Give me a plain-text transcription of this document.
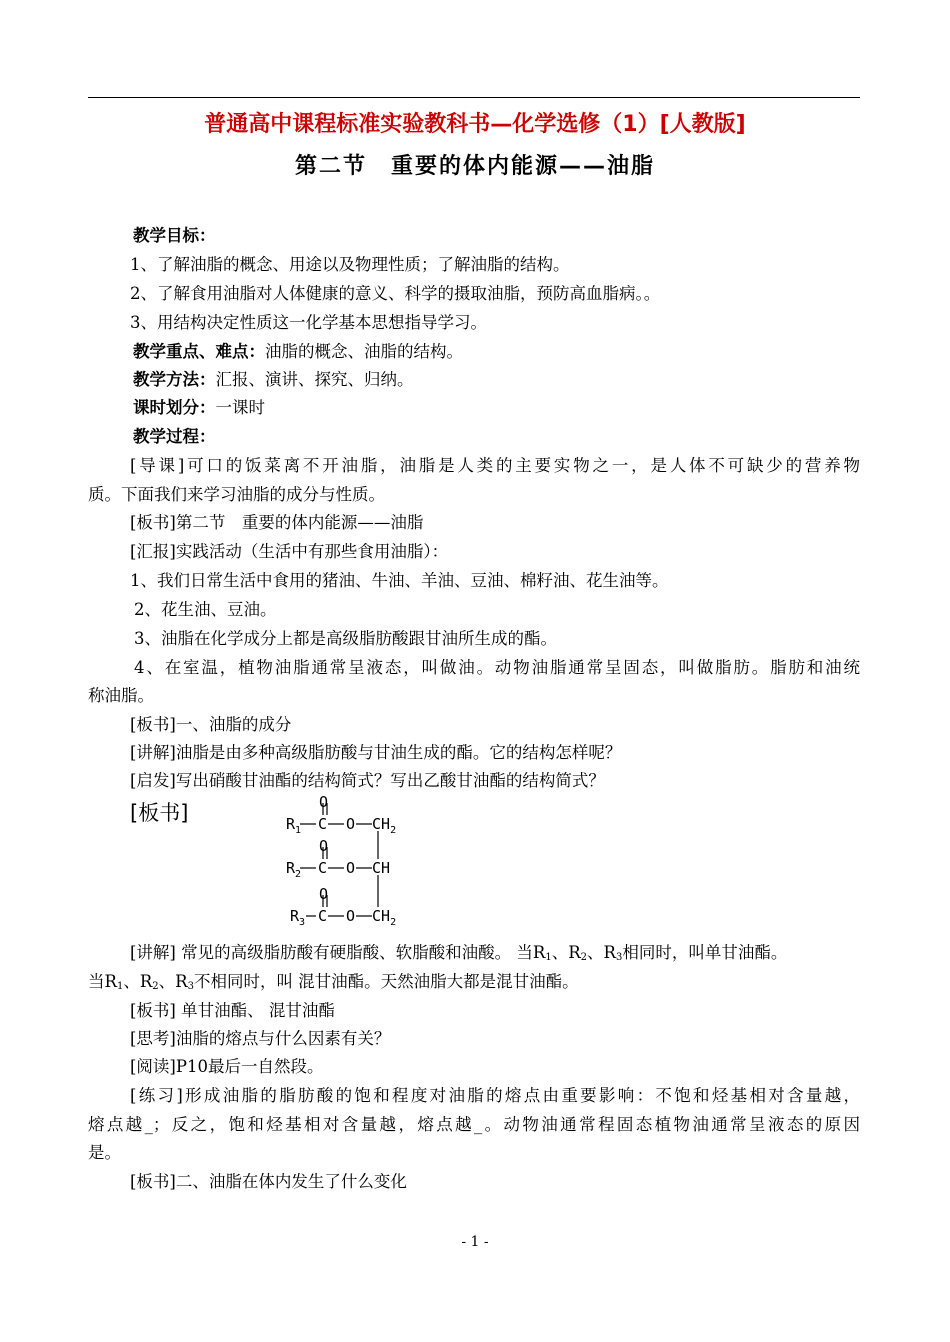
普通高中课程标准实验教科书—化学选修（1）[人教版]
第二节　重要的体内能源——油脂
教学目标：
1、了解油脂的概念、用途以及物理性质；了解油脂的结构。
2、了解食用油脂对人体健康的意义、科学的摄取油脂，预防高血脂病。。
3、用结构决定性质这一化学基本思想指导学习。
教学重点、难点：油脂的概念、油脂的结构。
教学方法：汇报、演讲、探究、归纳。
课时划分：一课时
教学过程：
[导课]可口的饭菜离不开油脂，油脂是人类的主要实物之一，是人体不可缺少的营养物
质。下面我们来学习油脂的成分与性质。
[板书]第二节　重要的体内能源——油脂
[汇报]实践活动（生活中有那些食用油脂）：
1、我们日常生活中食用的猪油、牛油、羊油、豆油、棉籽油、花生油等。
2、花生油、豆油。
3、油脂在化学成分上都是高级脂肪酸跟甘油所生成的酯。
4、在室温，植物油脂通常呈液态，叫做油。动物油脂通常呈固态，叫做脂肪。脂肪和油统
称油脂。
[板书]一、油脂的成分
[讲解]油脂是由多种高级脂肪酸与甘油生成的酯。它的结构怎样呢？
[启发]写出硝酸甘油酯的结构简式？写出乙酸甘油酯的结构简式？
[板书]	O
$R_1$ C O $CH_2$
O
$R_2$ C O CH
O
$R_3$ C O $CH_2$
[讲解] 常见的高级脂肪酸有硬脂酸、软脂酸和油酸。 当$R_1$、$R_2$、$R_3$相同时，叫单甘油酯。
当$R_1$、$R_2$、$R_3$不相同时，叫 混甘油酯。天然油脂大都是混甘油酯。
[板书] 单甘油酯、 混甘油酯
[思考]油脂的熔点与什么因素有关？
[阅读]P10最后一自然段。
[练习]形成油脂的脂肪酸的饱和程度对油脂的熔点由重要影响：不饱和烃基相对含量越，
熔点越_；反之，饱和烃基相对含量越，熔点越_。动物油通常程固态植物油通常呈液态的原因
是。
[板书]二、油脂在体内发生了什么变化
- 1 -
